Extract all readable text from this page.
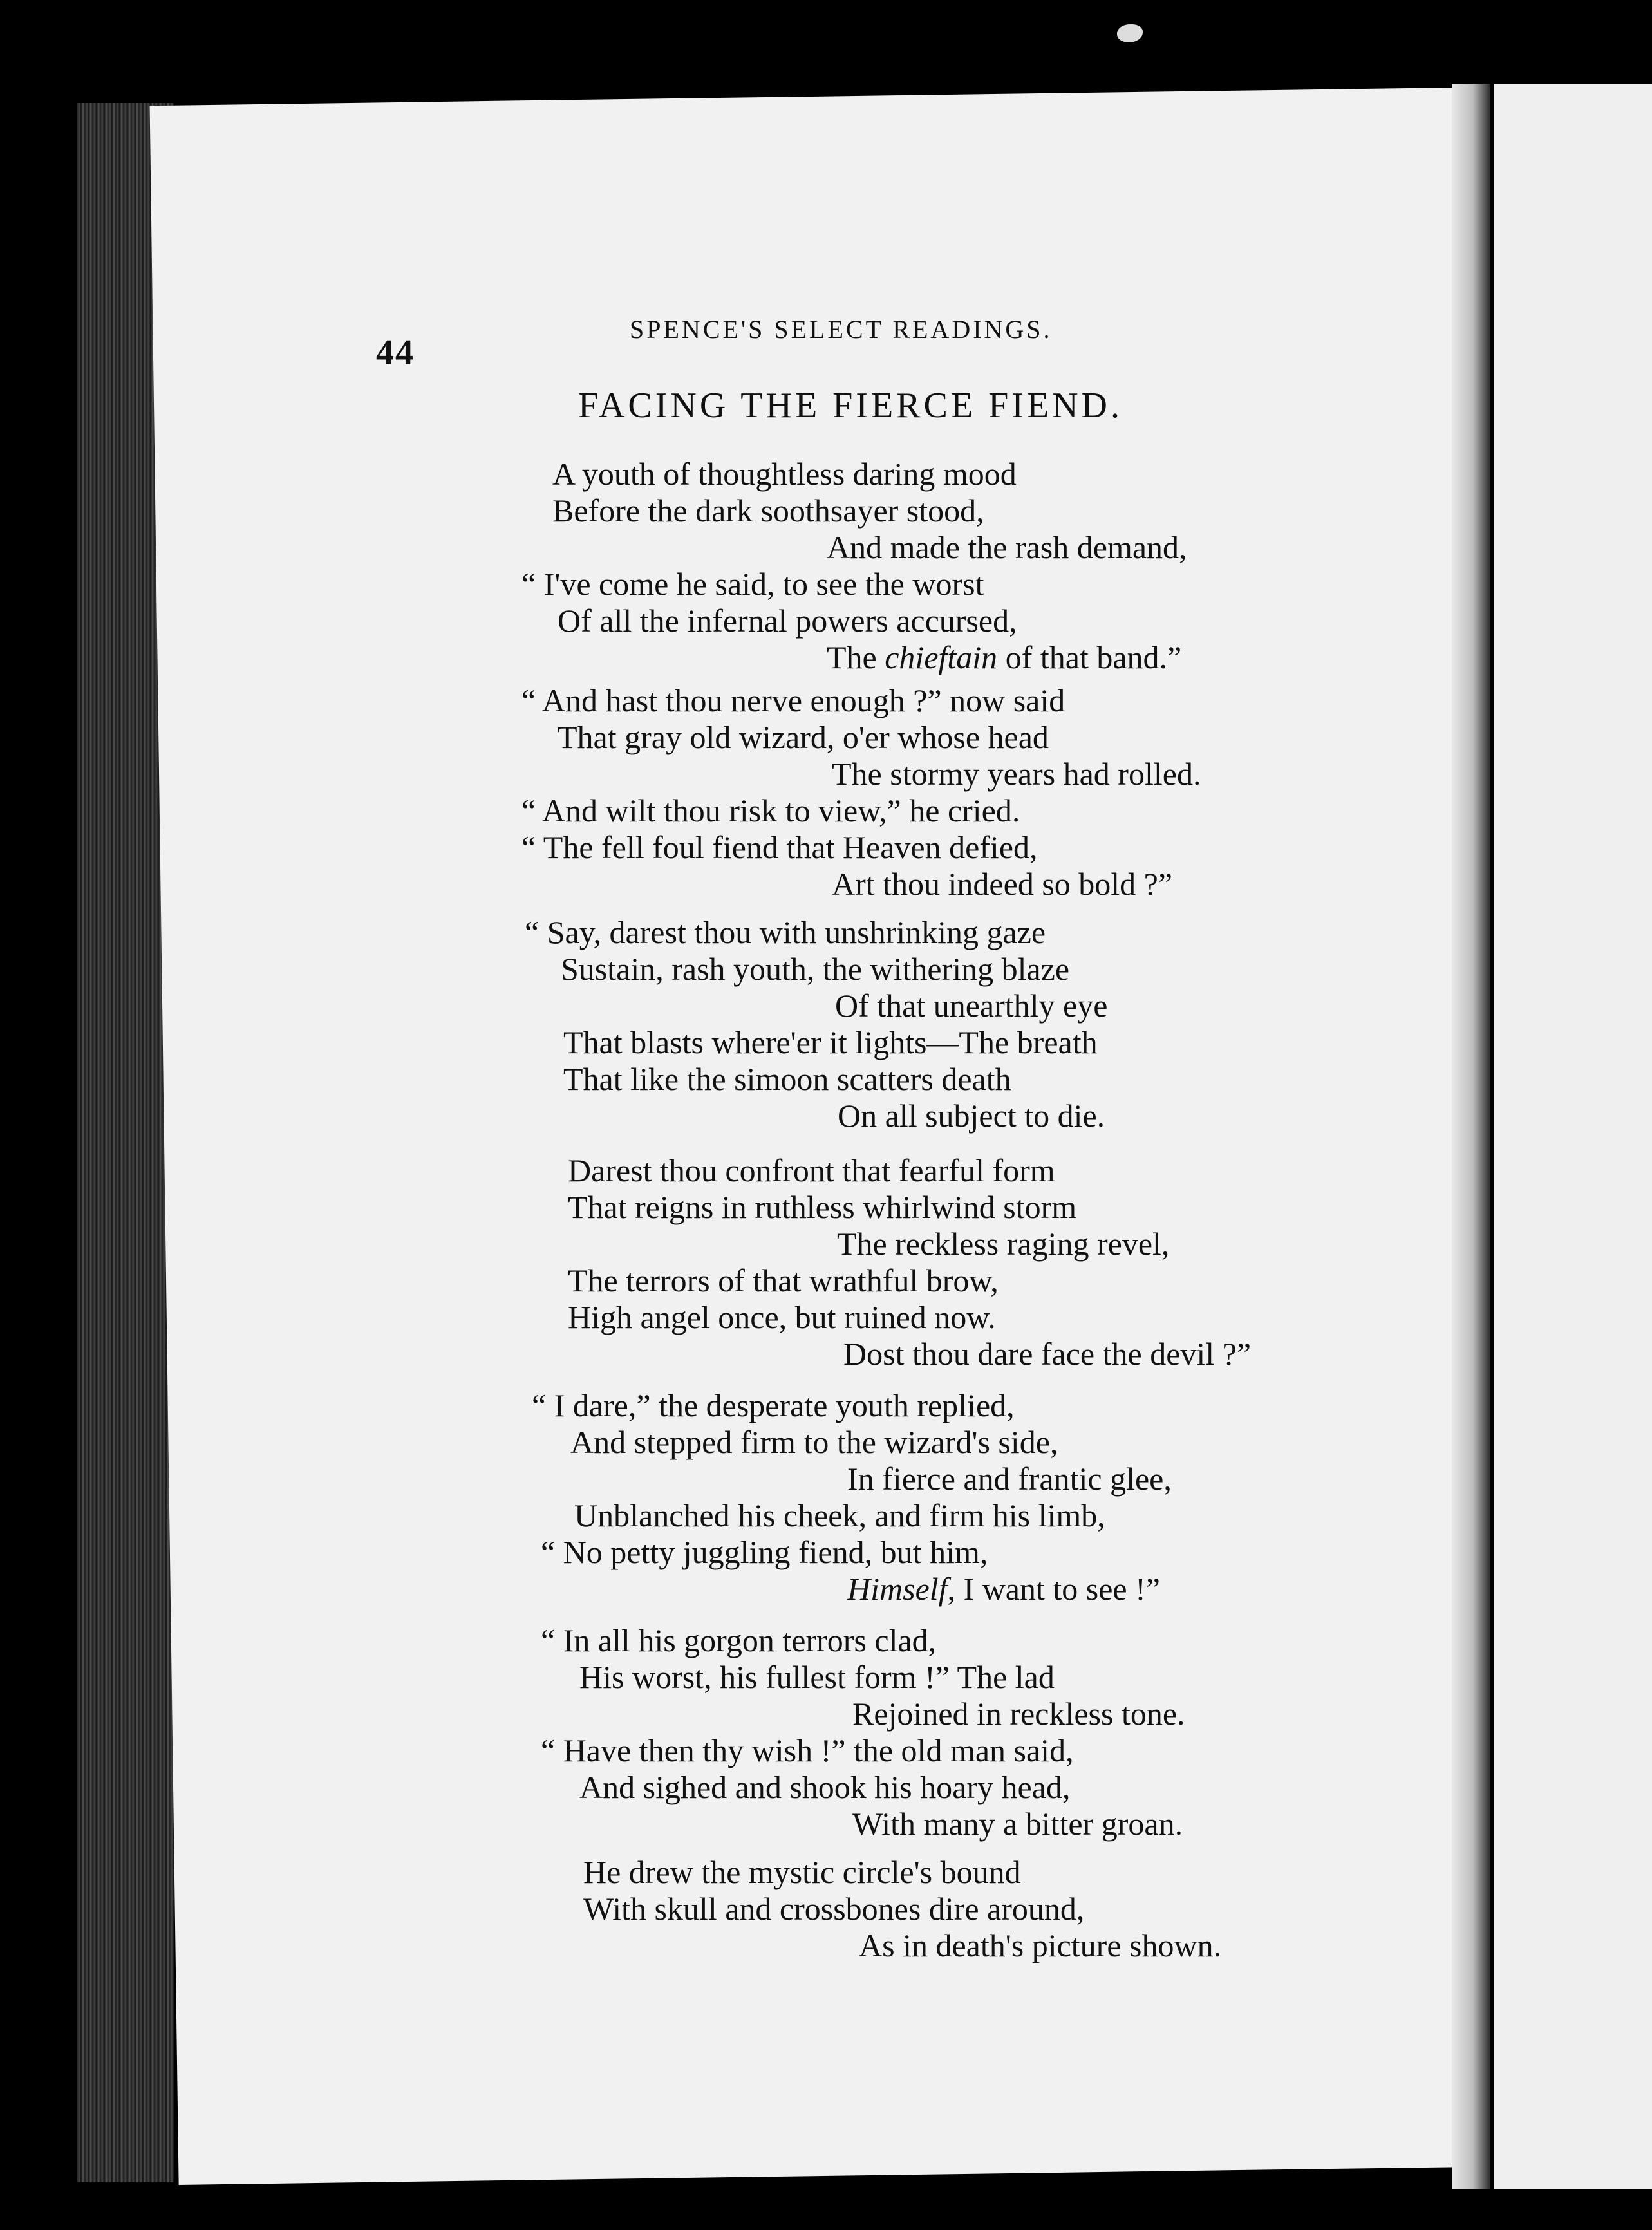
44
SPENCE'S SELECT READINGS.
FACING THE FIERCE FIEND.
A youth of thoughtless daring mood
Before the dark soothsayer stood,
And made the rash demand,
“ I've come he said, to see the worst
Of all the infernal powers accursed,
The chieftain of that band.”
“ And hast thou nerve enough ?” now said
That gray old wizard, o'er whose head
The stormy years had rolled.
“ And wilt thou risk to view,” he cried.
“ The fell foul fiend that Heaven defied,
Art thou indeed so bold ?”
“ Say, darest thou with unshrinking gaze
Sustain, rash youth, the withering blaze
Of that unearthly eye
That blasts where'er it lights—The breath
That like the simoon scatters death
On all subject to die.
Darest thou confront that fearful form
That reigns in ruthless whirlwind storm
The reckless raging revel,
The terrors of that wrathful brow,
High angel once, but ruined now.
Dost thou dare face the devil ?”
“ I dare,” the desperate youth replied,
And stepped firm to the wizard's side,
In fierce and frantic glee,
Unblanched his cheek, and firm his limb,
“ No petty juggling fiend, but him,
Himself, I want to see !”
“ In all his gorgon terrors clad,
His worst, his fullest form !” The lad
Rejoined in reckless tone.
“ Have then thy wish !” the old man said,
And sighed and shook his hoary head,
With many a bitter groan.
He drew the mystic circle's bound
With skull and crossbones dire around,
As in death's picture shown.
